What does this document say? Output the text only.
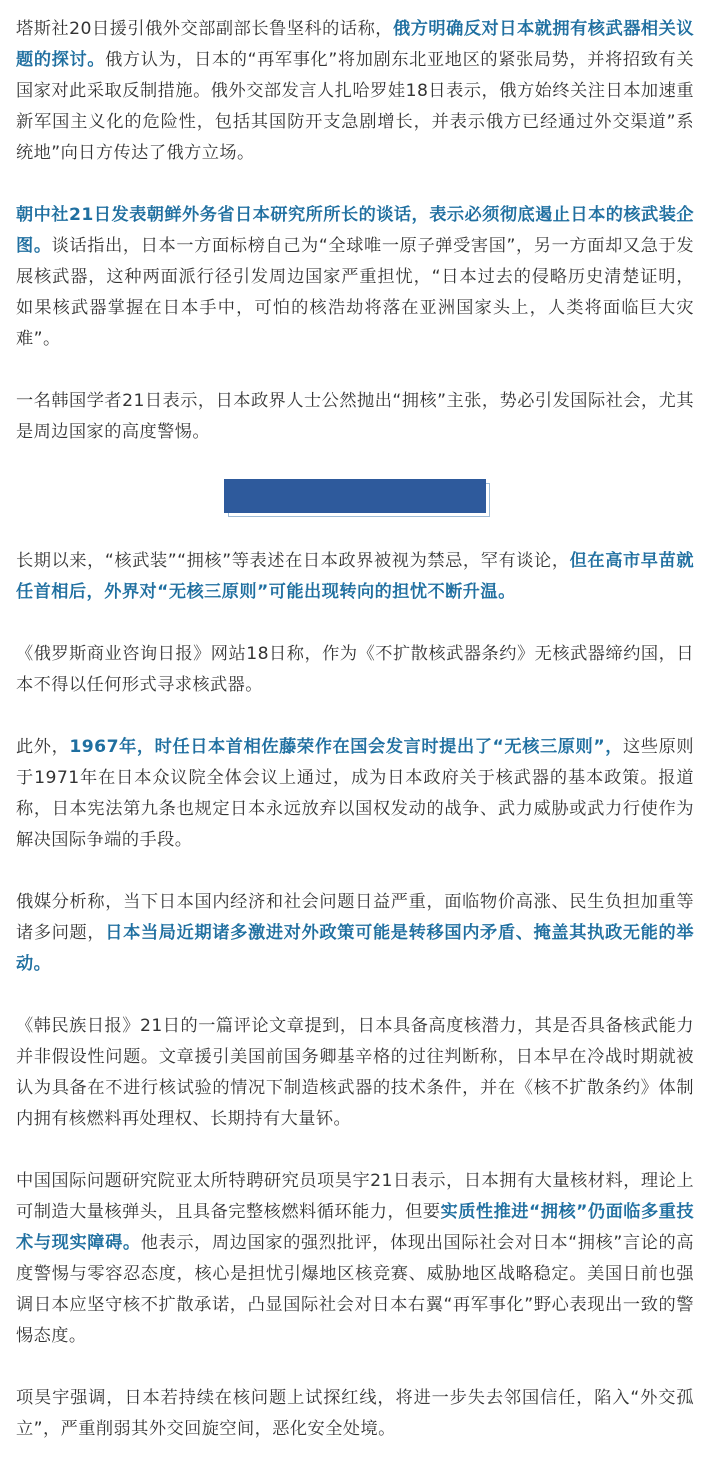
塔斯社20日援引俄外交部副部长鲁坚科的话称，俄方明确反对日本就拥有核武器相关议题的探讨。俄方认为，日本的“再军事化”将加剧东北亚地区的紧张局势，并将招致有关国家对此采取反制措施。俄外交部发言人扎哈罗娃18日表示，俄方始终关注日本加速重新军国主义化的危险性，包括其国防开支急剧增长，并表示俄方已经通过外交渠道”系统地”向日方传达了俄方立场。

朝中社21日发表朝鲜外务省日本研究所所长的谈话，表示必须彻底遏止日本的核武装企图。谈话指出，日本一方面标榜自己为“全球唯一原子弹受害国”，另一方面却又急于发展核武器，这种两面派行径引发周边国家严重担忧，“日本过去的侵略历史清楚证明，如果核武器掌握在日本手中，可怕的核浩劫将落在亚洲国家头上，人类将面临巨大灾难”。

一名韩国学者21日表示，日本政界人士公然抛出“拥核”主张，势必引发国际社会，尤其是周边国家的高度警惕。

长期以来，“核武装”“拥核”等表述在日本政界被视为禁忌，罕有谈论，但在高市早苗就任首相后，外界对“无核三原则”可能出现转向的担忧不断升温。

《俄罗斯商业咨询日报》网站18日称，作为《不扩散核武器条约》无核武器缔约国，日本不得以任何形式寻求核武器。

此外，1967年，时任日本首相佐藤荣作在国会发言时提出了“无核三原则”，这些原则于1971年在日本众议院全体会议上通过，成为日本政府关于核武器的基本政策。报道称，日本宪法第九条也规定日本永远放弃以国权发动的战争、武力威胁或武力行使作为解决国际争端的手段。

俄媒分析称，当下日本国内经济和社会问题日益严重，面临物价高涨、民生负担加重等诸多问题，日本当局近期诸多激进对外政策可能是转移国内矛盾、掩盖其执政无能的举动。

《韩民族日报》21日的一篇评论文章提到，日本具备高度核潜力，其是否具备核武能力并非假设性问题。文章援引美国前国务卿基辛格的过往判断称，日本早在冷战时期就被认为具备在不进行核试验的情况下制造核武器的技术条件，并在《核不扩散条约》体制内拥有核燃料再处理权、长期持有大量钚。

中国国际问题研究院亚太所特聘研究员项昊宇21日表示，日本拥有大量核材料，理论上可制造大量核弹头，且具备完整核燃料循环能力，但要实质性推进“拥核”仍面临多重技术与现实障碍。他表示，周边国家的强烈批评，体现出国际社会对日本“拥核”言论的高度警惕与零容忍态度，核心是担忧引爆地区核竞赛、威胁地区战略稳定。美国日前也强调日本应坚守核不扩散承诺，凸显国际社会对日本右翼“再军事化”野心表现出一致的警惕态度。

项昊宇强调，日本若持续在核问题上试探红线，将进一步失去邻国信任，陷入“外交孤立”，严重削弱其外交回旋空间，恶化安全处境。
